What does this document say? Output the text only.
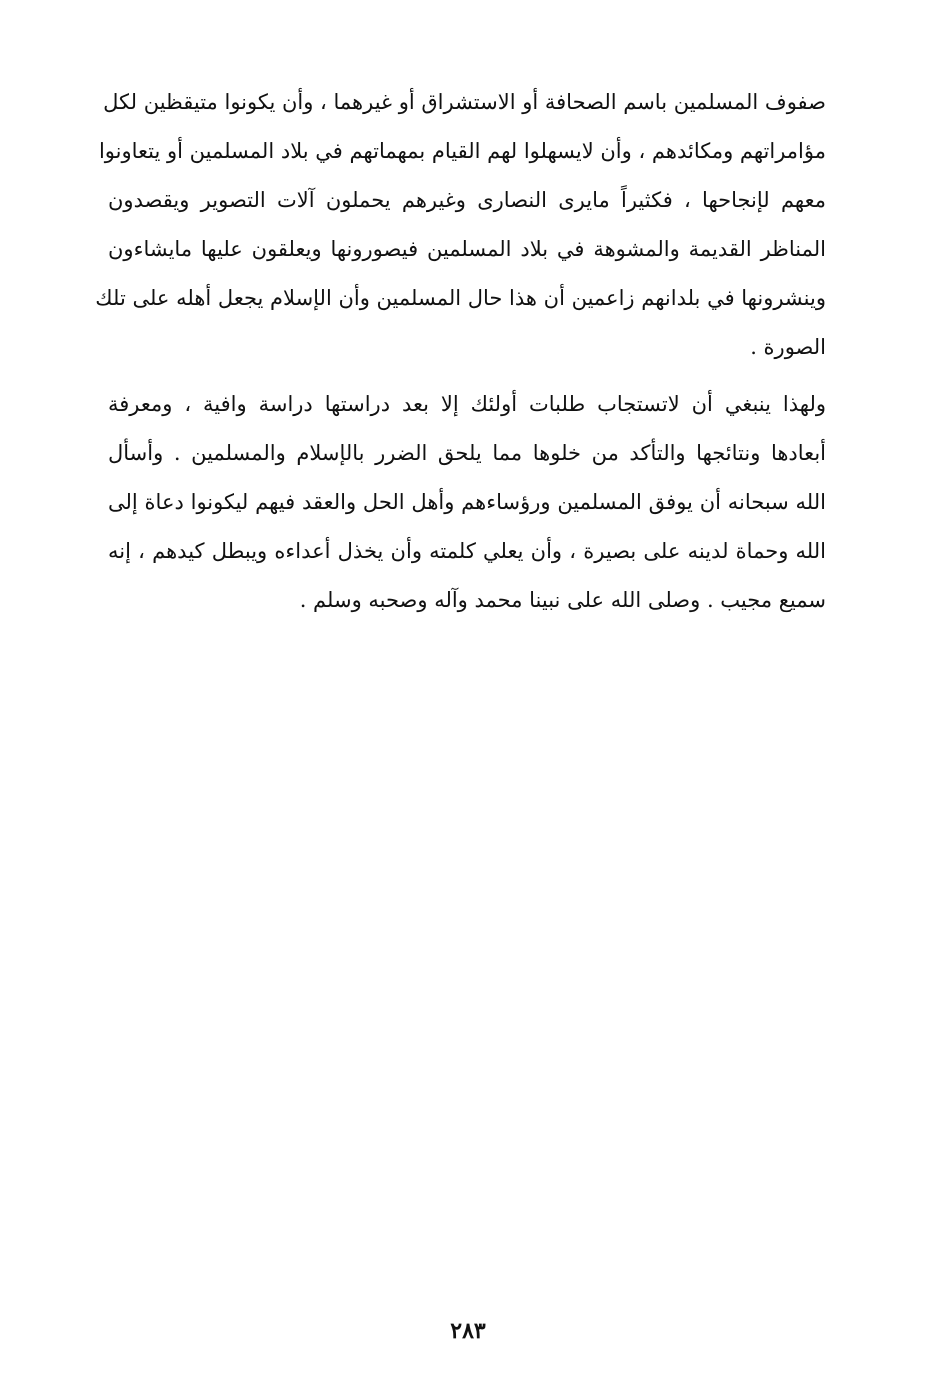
صفوف المسلمين باسم الصحافة أو الاستشراق أو غيرهما ، وأن يكونوا متيقظين لكل
مؤامراتهم ومكائدهم ، وأن لايسهلوا لهم القيام بمهماتهم في بلاد المسلمين أو يتعاونوا
معهم لإنجاحها ، فكثيراً مايرى النصارى وغيرهم يحملون آلات التصوير ويقصدون
المناظر القديمة والمشوهة في بلاد المسلمين فيصورونها ويعلقون عليها مايشاءون
وينشرونها في بلدانهم زاعمين أن هذا حال المسلمين وأن الإسلام يجعل أهله على تلك
الصورة .

ولهذا ينبغي أن لاتستجاب طلبات أولئك إلا بعد دراستها دراسة وافية ، ومعرفة
أبعادها ونتائجها والتأكد من خلوها مما يلحق الضرر بالإسلام والمسلمين . وأسأل
الله سبحانه أن يوفق المسلمين ورؤساءهم وأهل الحل والعقد فيهم ليكونوا دعاة إلى
الله وحماة لدينه على بصيرة ، وأن يعلي كلمته وأن يخذل أعداءه ويبطل كيدهم ، إنه
سميع مجيب . وصلى الله على نبينا محمد وآله وصحبه وسلم .

٢٨٣
